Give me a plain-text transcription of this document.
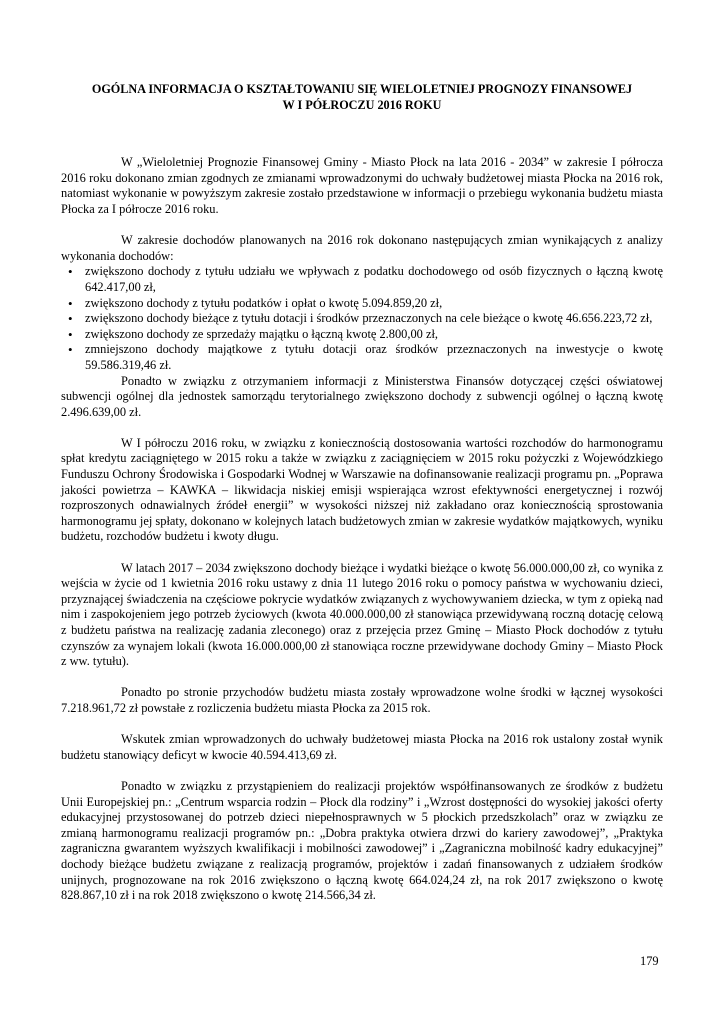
OGÓLNA INFORMACJA O KSZTAŁTOWANIU SIĘ WIELOLETNIEJ PROGNOZY FINANSOWEJ
W I PÓŁROCZU 2016 ROKU

W „Wieloletniej Prognozie Finansowej Gminy - Miasto Płock na lata 2016 - 2034” w zakresie I półrocza 2016 roku dokonano zmian zgodnych ze zmianami wprowadzonymi do uchwały budżetowej miasta Płocka na 2016 rok, natomiast wykonanie w powyższym zakresie zostało przedstawione w informacji o przebiegu wykonania budżetu miasta Płocka za I półrocze 2016 roku.

W zakresie dochodów planowanych na 2016 rok dokonano następujących zmian wynikających z analizy wykonania dochodów:

• zwiększono dochody z tytułu udziału we wpływach z podatku dochodowego od osób fizycznych o łączną kwotę 642.417,00 zł,
• zwiększono dochody z tytułu podatków i opłat o kwotę 5.094.859,20 zł,
• zwiększono dochody bieżące z tytułu dotacji i środków przeznaczonych na cele bieżące o kwotę 46.656.223,72 zł,
• zwiększono dochody ze sprzedaży majątku o łączną kwotę 2.800,00 zł,
• zmniejszono dochody majątkowe z tytułu dotacji oraz środków przeznaczonych na inwestycje o kwotę 59.586.319,46 zł.

Ponadto w związku z otrzymaniem informacji z Ministerstwa Finansów dotyczącej części oświatowej subwencji ogólnej dla jednostek samorządu terytorialnego zwiększono dochody z subwencji ogólnej o łączną kwotę 2.496.639,00 zł.

W I półroczu 2016 roku, w związku z koniecznością dostosowania wartości rozchodów do harmonogramu spłat kredytu zaciągniętego w 2015 roku a także w związku z zaciągnięciem w 2015 roku pożyczki z Wojewódzkiego Funduszu Ochrony Środowiska i Gospodarki Wodnej w Warszawie na dofinansowanie realizacji programu pn. „Poprawa jakości powietrza – KAWKA – likwidacja niskiej emisji wspierająca wzrost efektywności energetycznej i rozwój rozproszonych odnawialnych źródeł energii” w wysokości niższej niż zakładano oraz koniecznością sprostowania harmonogramu jej spłaty, dokonano w kolejnych latach budżetowych zmian w zakresie wydatków majątkowych, wyniku budżetu, rozchodów budżetu i kwoty długu.

W latach 2017 – 2034 zwiększono dochody bieżące i wydatki bieżące o kwotę 56.000.000,00 zł, co wynika z wejścia w życie od 1 kwietnia 2016 roku ustawy z dnia 11 lutego 2016 roku o pomocy państwa w wychowaniu dzieci, przyznającej świadczenia na częściowe pokrycie wydatków związanych z wychowywaniem dziecka, w tym z opieką nad nim i zaspokojeniem jego potrzeb życiowych (kwota 40.000.000,00 zł stanowiąca przewidywaną roczną dotację celową z budżetu państwa na realizację zadania zleconego) oraz z przejęcia przez Gminę – Miasto Płock dochodów z tytułu czynszów za wynajem lokali (kwota 16.000.000,00 zł stanowiąca roczne przewidywane dochody Gminy – Miasto Płock z ww. tytułu).

Ponadto po stronie przychodów budżetu miasta zostały wprowadzone wolne środki w łącznej wysokości 7.218.961,72 zł powstałe z rozliczenia budżetu miasta Płocka za 2015 rok.

Wskutek zmian wprowadzonych do uchwały budżetowej miasta Płocka na 2016 rok ustalony został wynik budżetu stanowiący deficyt w kwocie 40.594.413,69 zł.

Ponadto w związku z przystąpieniem do realizacji projektów współfinansowanych ze środków z budżetu Unii Europejskiej pn.: „Centrum wsparcia rodzin – Płock dla rodziny” i „Wzrost dostępności do wysokiej jakości oferty edukacyjnej przystosowanej do potrzeb dzieci niepełnosprawnych w 5 płockich przedszkolach” oraz w związku ze zmianą harmonogramu realizacji programów pn.: „Dobra praktyka otwiera drzwi do kariery zawodowej”, „Praktyka zagraniczna gwarantem wyższych kwalifikacji i mobilności zawodowej” i „Zagraniczna mobilność kadry edukacyjnej” dochody bieżące budżetu związane z realizacją programów, projektów i zadań finansowanych z udziałem środków unijnych, prognozowane na rok 2016 zwiększono o łączną kwotę 664.024,24 zł, na rok 2017 zwiększono o kwotę 828.867,10 zł i na rok 2018 zwiększono o kwotę 214.566,34 zł.

179
